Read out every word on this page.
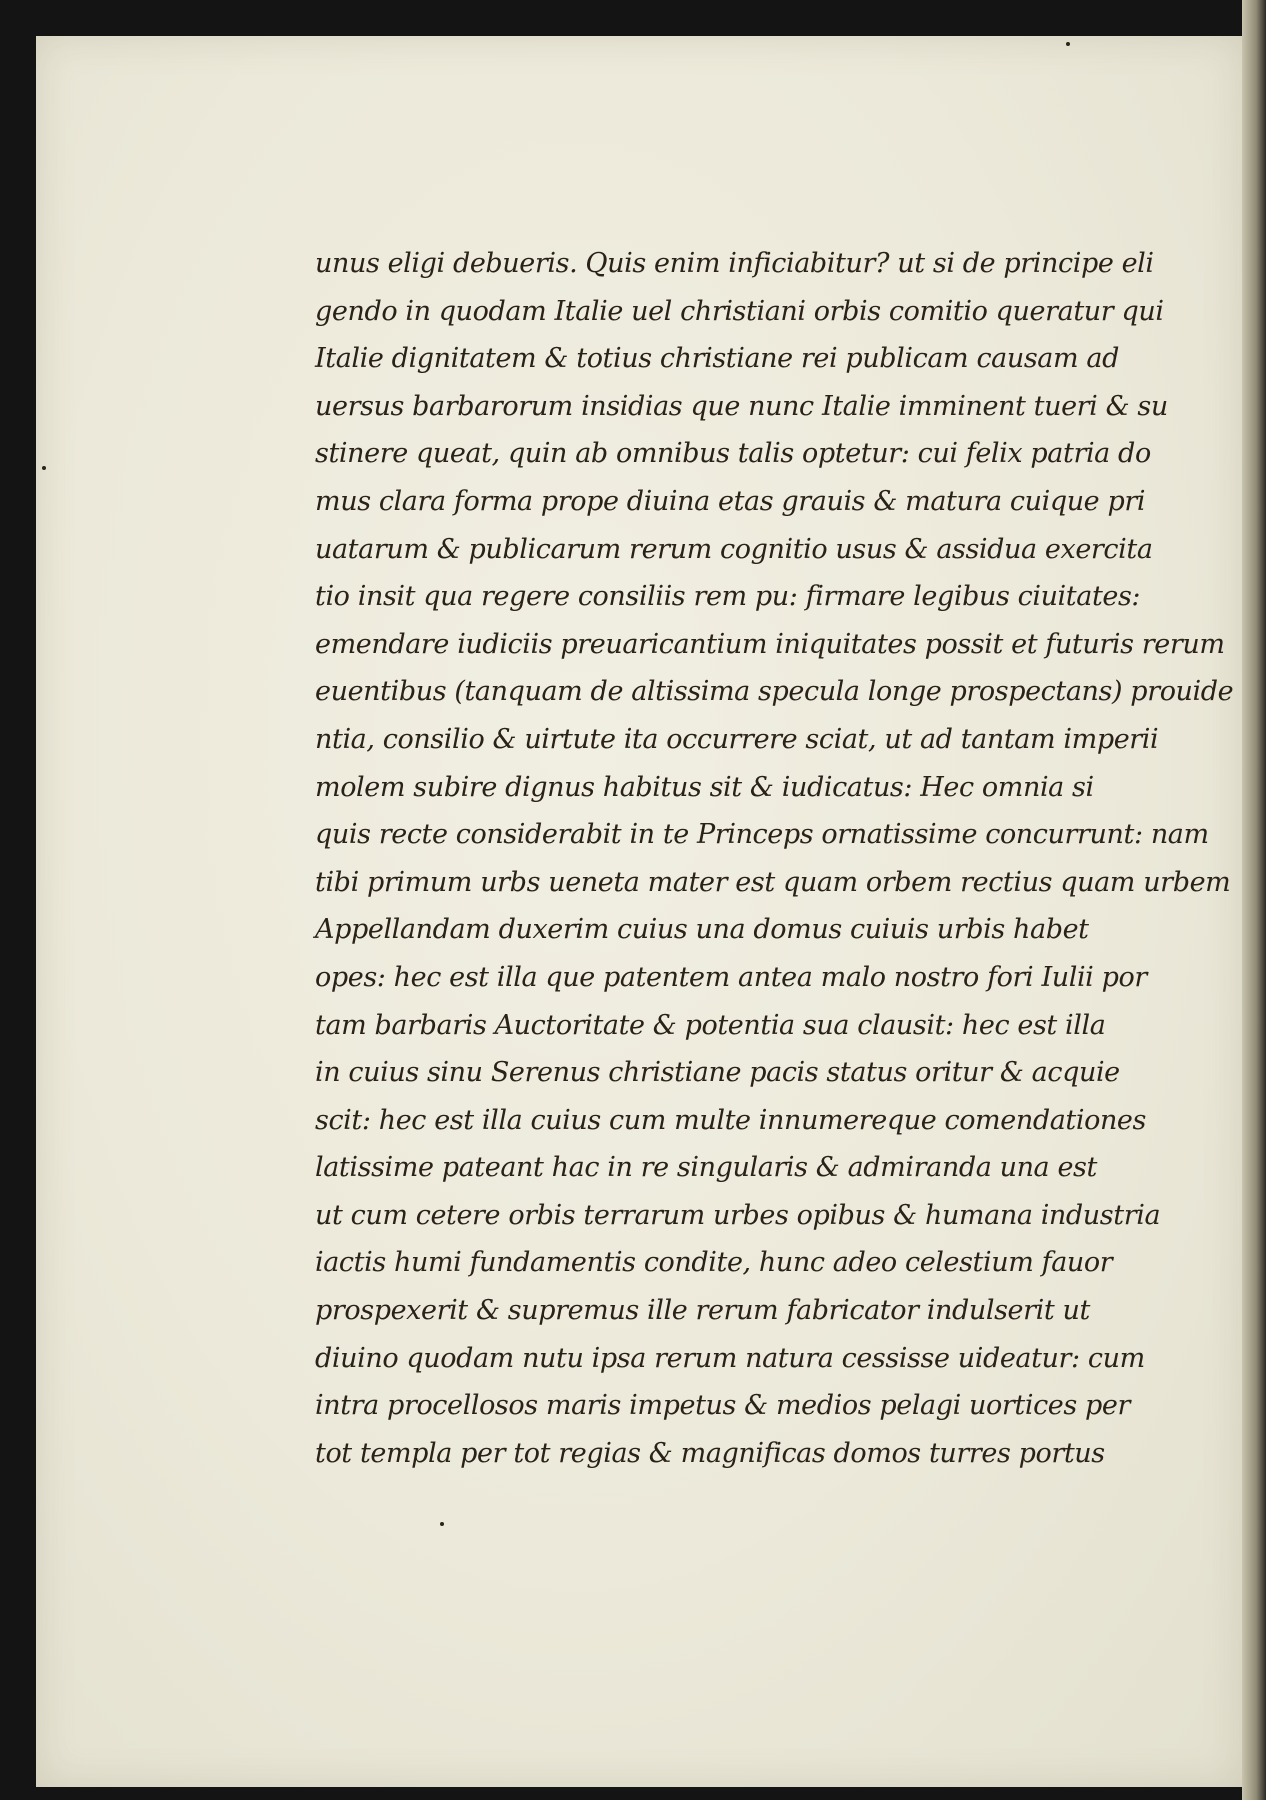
unus eligi debueris. Quis enim inficiabitur? ut si de principe eli
gendo in quodam Italie uel christiani orbis comitio queratur qui
Italie dignitatem & totius christiane rei publicam causam ad
uersus barbarorum insidias que nunc Italie imminent tueri & su
stinere queat, quin ab omnibus talis optetur: cui felix patria do
mus clara forma prope diuina etas grauis & matura cuique pri
uatarum & publicarum rerum cognitio usus & assidua exercita
tio insit qua regere consiliis rem pu: firmare legibus ciuitates:
emendare iudiciis preuaricantium iniquitates possit et futuris rerum
euentibus (tanquam de altissima specula longe prospectans) prouide
ntia, consilio & uirtute ita occurrere sciat, ut ad tantam imperii
molem subire dignus habitus sit & iudicatus: Hec omnia si
quis recte considerabit in te Princeps ornatissime concurrunt: nam
tibi primum urbs ueneta mater est quam orbem rectius quam urbem
Appellandam duxerim cuius una domus cuiuis urbis habet
opes: hec est illa que patentem antea malo nostro fori Iulii por
tam barbaris Auctoritate & potentia sua clausit: hec est illa
in cuius sinu Serenus christiane pacis status oritur & acquie
scit: hec est illa cuius cum multe innumereque comendationes
latissime pateant hac in re singularis & admiranda una est
ut cum cetere orbis terrarum urbes opibus & humana industria
iactis humi fundamentis condite, hunc adeo celestium fauor
prospexerit & supremus ille rerum fabricator indulserit ut
diuino quodam nutu ipsa rerum natura cessisse uideatur: cum
intra procellosos maris impetus & medios pelagi uortices per
tot templa per tot regias & magnificas domos turres portus
